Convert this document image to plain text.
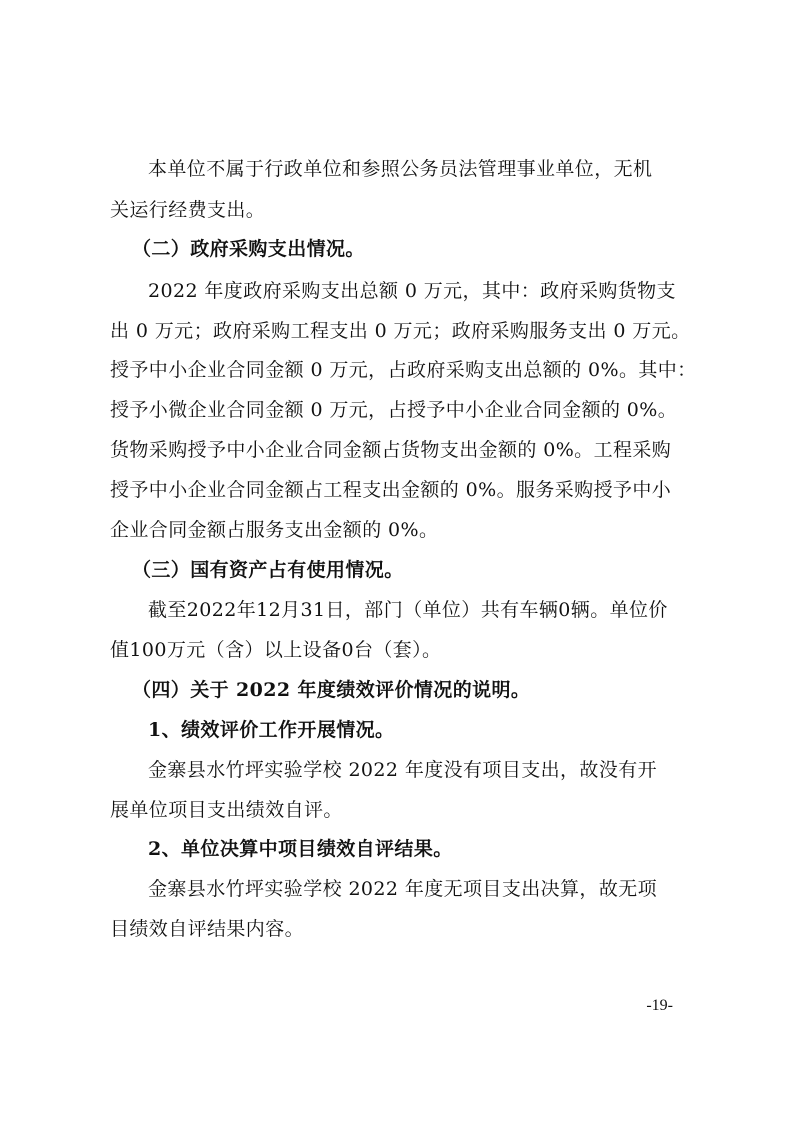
本单位不属于行政单位和参照公务员法管理事业单位，无机
关运行经费支出。
（二）政府采购支出情况。
2022 年度政府采购支出总额 0 万元，其中：政府采购货物支
出 0 万元；政府采购工程支出 0 万元；政府采购服务支出 0 万元。
授予中小企业合同金额 0 万元，占政府采购支出总额的 0%。其中：
授予小微企业合同金额 0 万元，占授予中小企业合同金额的 0%。
货物采购授予中小企业合同金额占货物支出金额的 0%。工程采购
授予中小企业合同金额占工程支出金额的 0%。服务采购授予中小
企业合同金额占服务支出金额的 0%。
（三）国有资产占有使用情况。
截至2022年12月31日，部门（单位）共有车辆0辆。单位价
值100万元（含）以上设备0台（套）。
（四）关于 2022 年度绩效评价情况的说明。
1、绩效评价工作开展情况。
金寨县水竹坪实验学校 2022 年度没有项目支出，故没有开
展单位项目支出绩效自评。
2、单位决算中项目绩效自评结果。
金寨县水竹坪实验学校 2022 年度无项目支出决算，故无项
目绩效自评结果内容。
-19-
